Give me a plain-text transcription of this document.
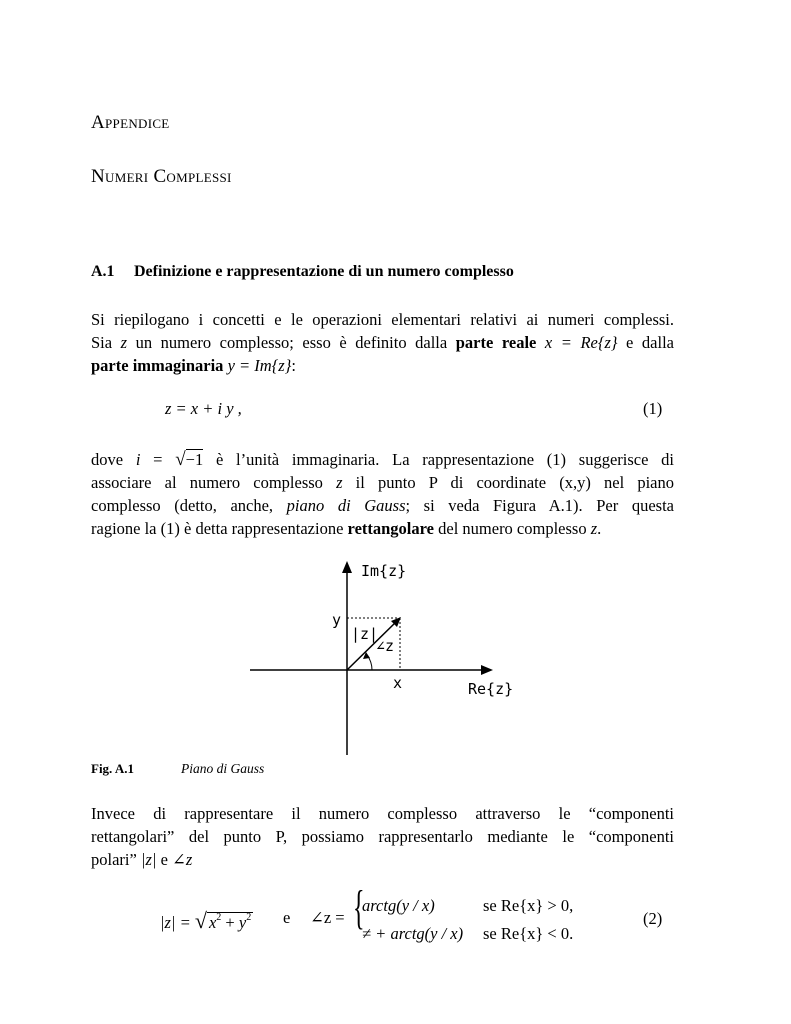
Appendice
Numeri Complessi
A.1 Definizione e rappresentazione di un numero complesso
Si riepilogano i concetti e le operazioni elementari relativi ai numeri complessi.
Sia z un numero complesso; esso è definito dalla parte reale x = Re{z} e dalla
parte immaginaria y = Im{z}:
z = x + i y ,	(1)
dove i = √−1 è l’unità immaginaria. La rappresentazione (1) suggerisce di
associare al numero complesso z il punto P di coordinate (x,y) nel piano
complesso (detto, anche, piano di Gauss; si veda Figura A.1). Per questa
ragione la (1) è detta rappresentazione rettangolare del numero complesso z.
Im{z}
Re{z}
y
x
|z|
∠z
Fig. A.1	Piano di Gauss
Invece di rappresentare il numero complesso attraverso le “componenti
rettangolari” del punto P, possiamo rappresentarlo mediante le “componenti
polari” |z| e ∠z
|z| = √ $x^2 + y^2$ e ∠z = {
arctg(y / x)	se Re{x} > 0,
≠ + arctg(y / x) se Re{x} < 0.
(2)
